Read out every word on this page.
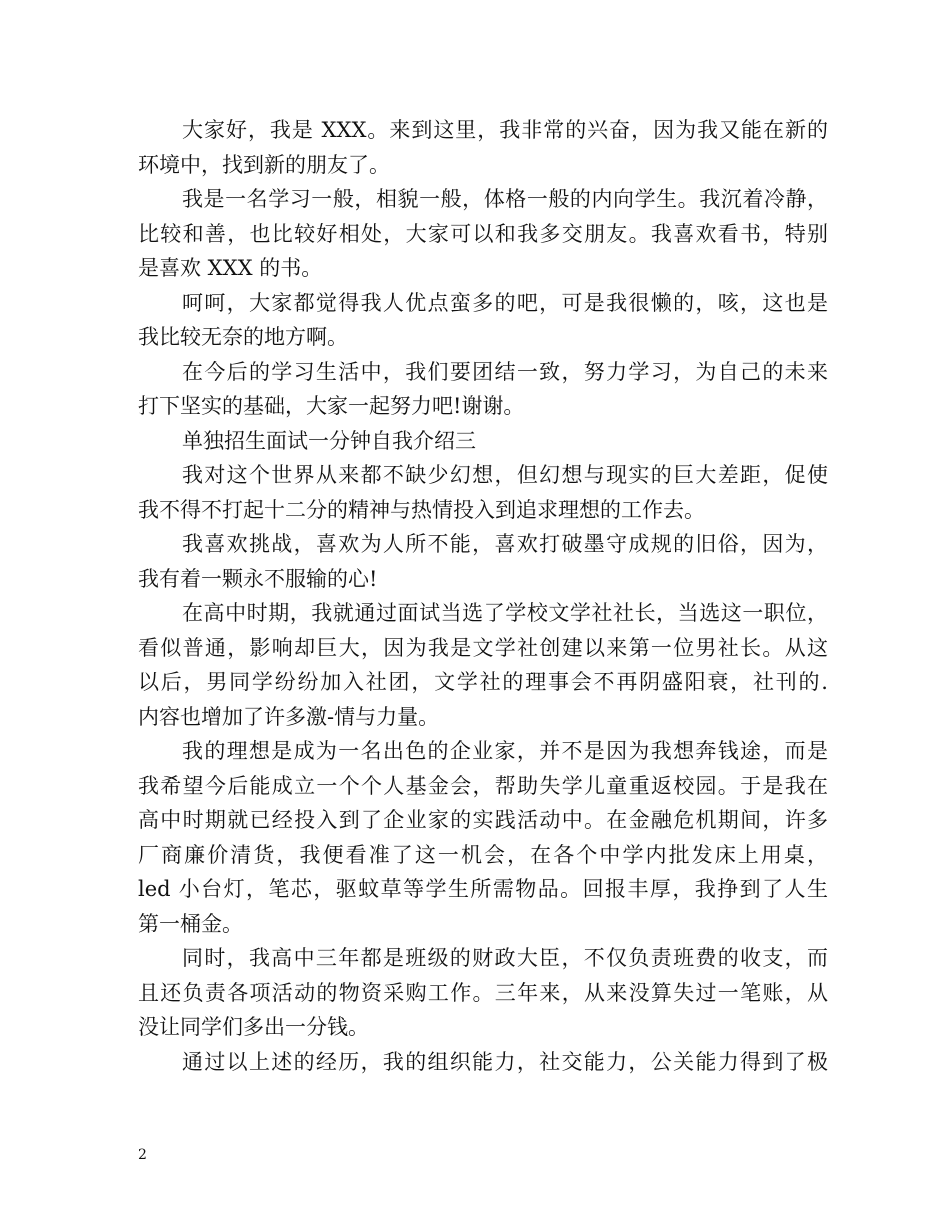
大家好，我是 XXX。来到这里，我非常的兴奋，因为我又能在新的
环境中，找到新的朋友了。

我是一名学习一般，相貌一般，体格一般的内向学生。我沉着冷静，
比较和善，也比较好相处，大家可以和我多交朋友。我喜欢看书，特别
是喜欢 XXX 的书。

呵呵，大家都觉得我人优点蛮多的吧，可是我很懒的，咳，这也是
我比较无奈的地方啊。

在今后的学习生活中，我们要团结一致，努力学习，为自己的未来
打下坚实的基础，大家一起努力吧!谢谢。

单独招生面试一分钟自我介绍三

我对这个世界从来都不缺少幻想，但幻想与现实的巨大差距，促使
我不得不打起十二分的精神与热情投入到追求理想的工作去。

我喜欢挑战，喜欢为人所不能，喜欢打破墨守成规的旧俗，因为，
我有着一颗永不服输的心!

在高中时期，我就通过面试当选了学校文学社社长，当选这一职位，
看似普通，影响却巨大，因为我是文学社创建以来第一位男社长。从这
以后，男同学纷纷加入社团，文学社的理事会不再阴盛阳衰，社刊的.
内容也增加了许多激-情与力量。

我的理想是成为一名出色的企业家，并不是因为我想奔钱途，而是
我希望今后能成立一个个人基金会，帮助失学儿童重返校园。于是我在
高中时期就已经投入到了企业家的实践活动中。在金融危机期间，许多
厂商廉价清货，我便看准了这一机会，在各个中学内批发床上用桌，
led 小台灯，笔芯，驱蚊草等学生所需物品。回报丰厚，我挣到了人生
第一桶金。

同时，我高中三年都是班级的财政大臣，不仅负责班费的收支，而
且还负责各项活动的物资采购工作。三年来，从来没算失过一笔账，从
没让同学们多出一分钱。

通过以上述的经历，我的组织能力，社交能力，公关能力得到了极

2
